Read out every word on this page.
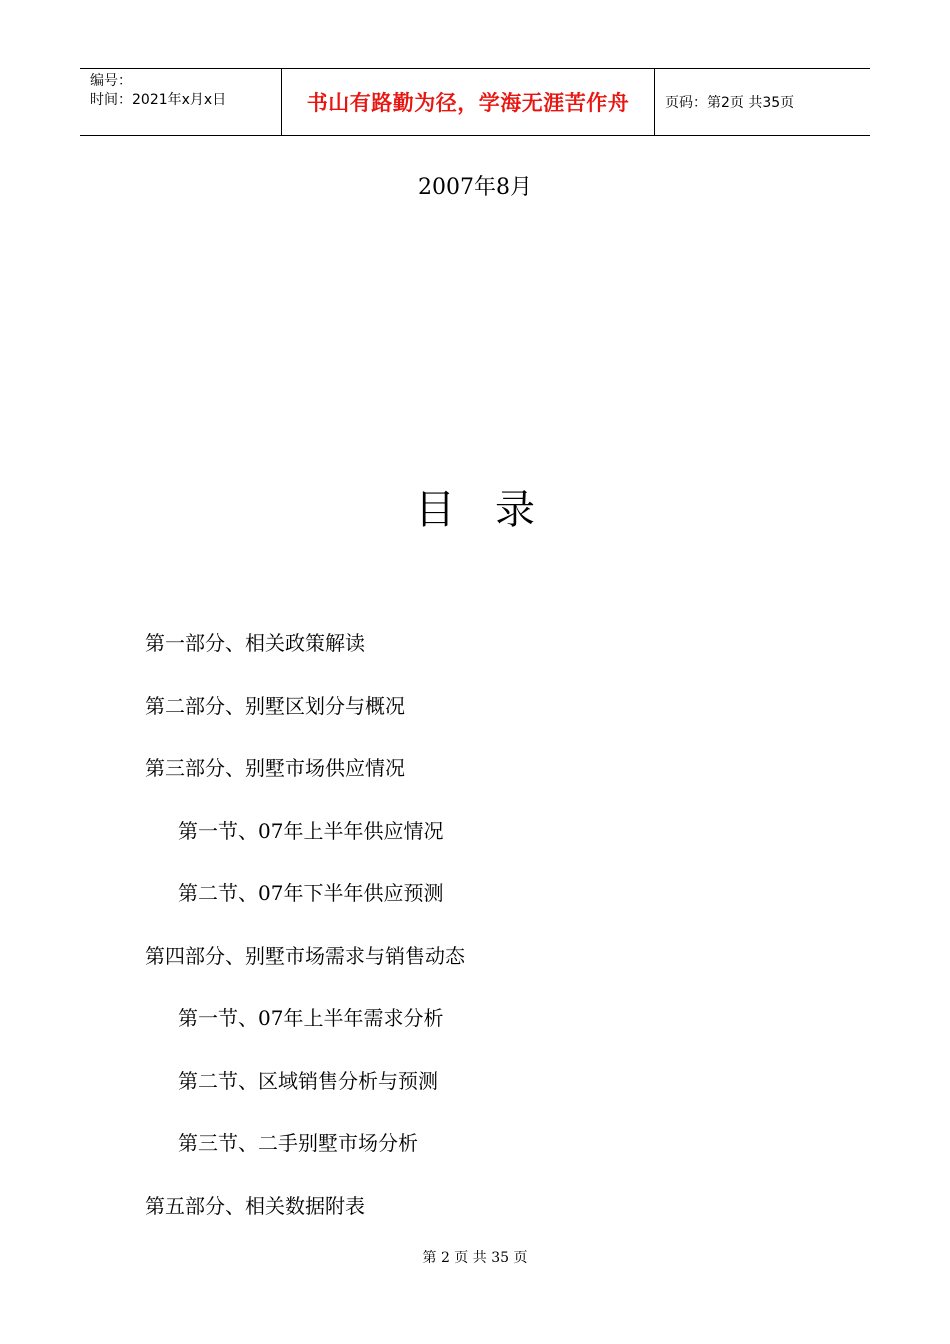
编号：
时间：2021年x月x日	书山有路勤为径，学海无涯苦作舟	页码：第2页 共35页
2007年8月
目录
第一部分、相关政策解读
第二部分、别墅区划分与概况
第三部分、别墅市场供应情况
第一节、07年上半年供应情况
第二节、07年下半年供应预测
第四部分、别墅市场需求与销售动态
第一节、07年上半年需求分析
第二节、区域销售分析与预测
第三节、二手别墅市场分析
第五部分、相关数据附表
第 2 页 共 35 页
